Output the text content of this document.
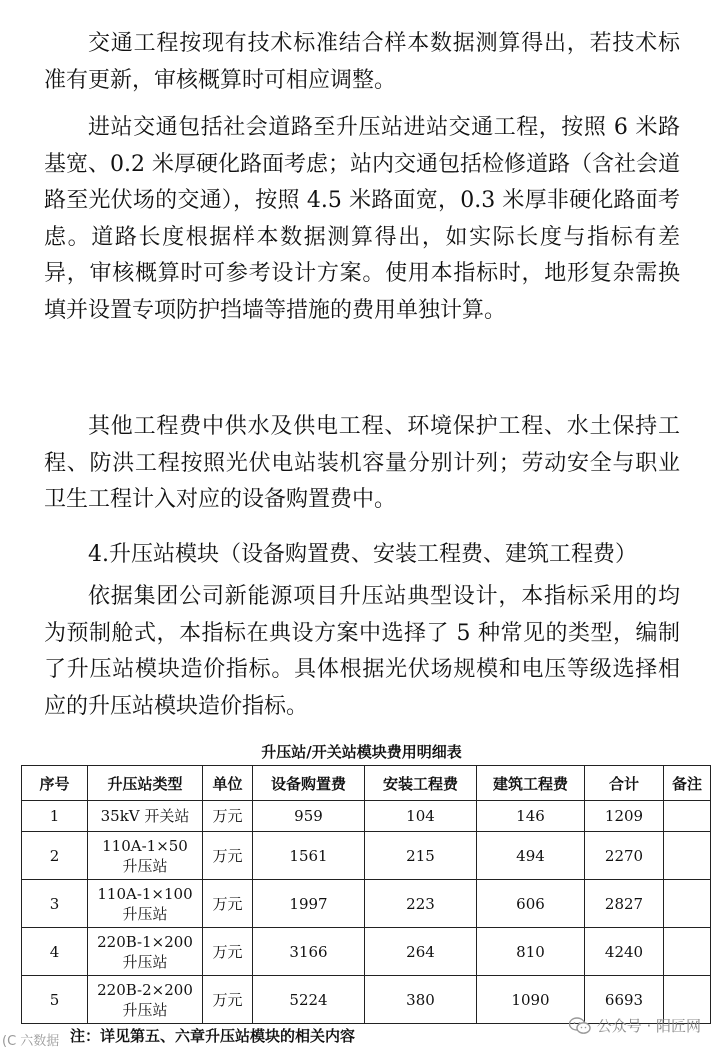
交通工程按现有技术标准结合样本数据测算得出，若技术标准有更新，审核概算时可相应调整。

进站交通包括社会道路至升压站进站交通工程，按照 6 米路基宽、0.2 米厚硬化路面考虑；站内交通包括检修道路（含社会道路至光伏场的交通），按照 4.5 米路面宽，0.3 米厚非硬化路面考虑。道路长度根据样本数据测算得出，如实际长度与指标有差异，审核概算时可参考设计方案。使用本指标时，地形复杂需换填并设置专项防护挡墙等措施的费用单独计算。

其他工程费中供水及供电工程、环境保护工程、水土保持工程、防洪工程按照光伏电站装机容量分别计列；劳动安全与职业卫生工程计入对应的设备购置费中。

4.升压站模块（设备购置费、安装工程费、建筑工程费）

依据集团公司新能源项目升压站典型设计，本指标采用的均为预制舱式，本指标在典设方案中选择了 5 种常见的类型，编制了升压站模块造价指标。具体根据光伏场规模和电压等级选择相应的升压站模块造价指标。

升压站/开关站模块费用明细表
序号	升压站类型	单位	设备购置费	安装工程费	建筑工程费	合计	备注
1	35kV 开关站	万元	959	104	146	1209	
2	110A-1×50
升压站	万元	1561	215	494	2270	
3	110A-1×100
升压站	万元	1997	223	606	2827	
4	220B-1×200
升压站	万元	3166	264	810	4240	
5	220B-2×200
升压站	万元	5224	380	1090	6693	
注：详见第五、六章升压站模块的相关内容
(C 六数据
公众号 · 阳匠网
